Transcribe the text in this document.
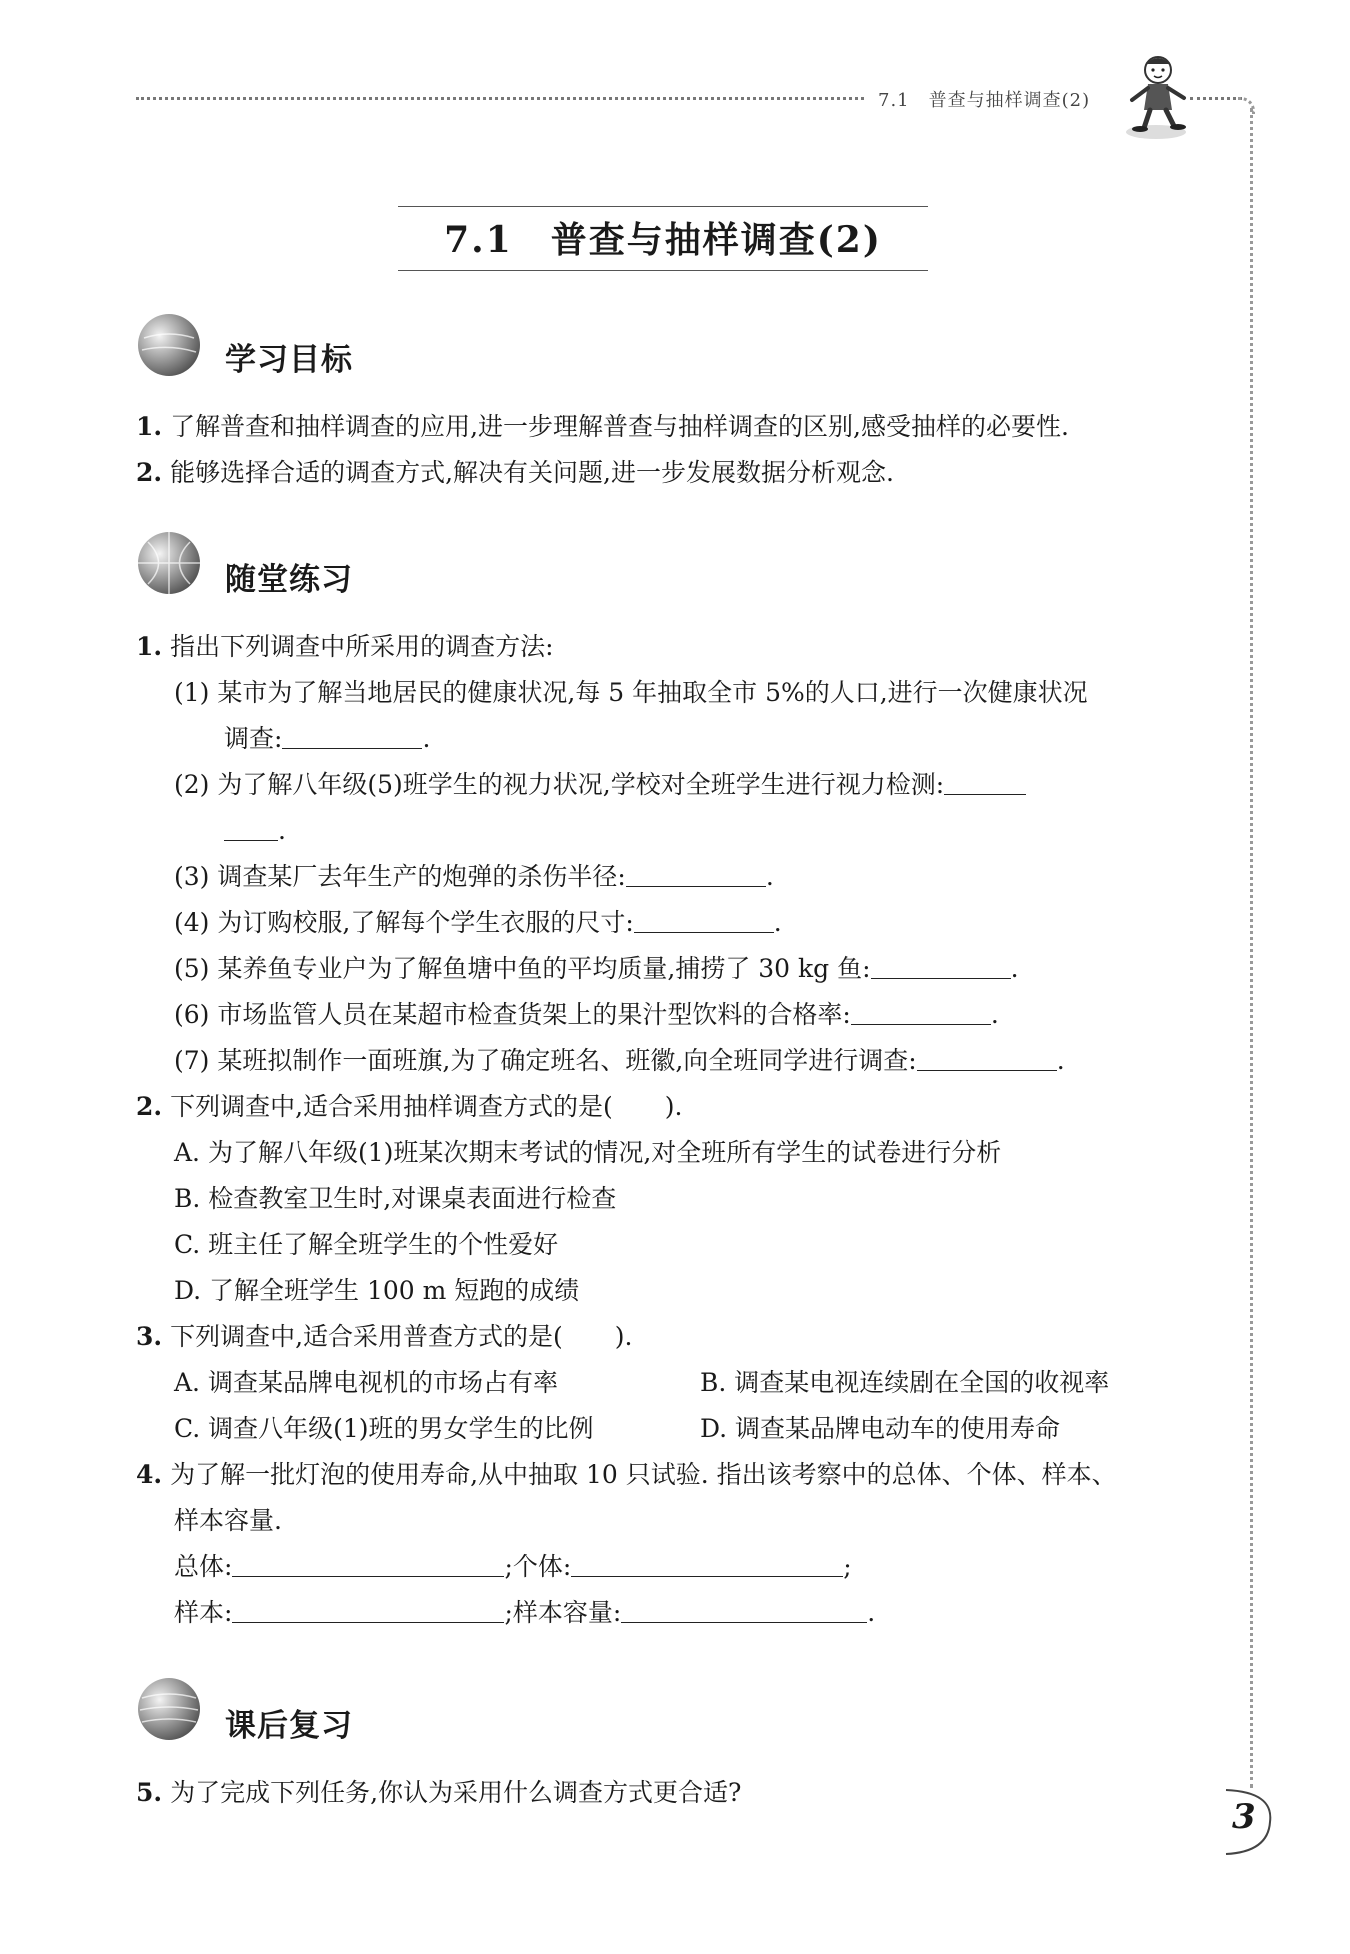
7.1　普查与抽样调查(2)
7.1　普查与抽样调查(2)
学习目标
1. 了解普查和抽样调查的应用,进一步理解普查与抽样调查的区别,感受抽样的必要性.
2. 能够选择合适的调查方式,解决有关问题,进一步发展数据分析观念.
随堂练习
1. 指出下列调查中所采用的调查方法:
(1) 某市为了解当地居民的健康状况,每 5 年抽取全市 5%的人口,进行一次健康状况
调查:	.
(2) 为了解八年级(5)班学生的视力状况,学校对全班学生进行视力检测:
.
(3) 调查某厂去年生产的炮弹的杀伤半径:	.
(4) 为订购校服,了解每个学生衣服的尺寸:	.
(5) 某养鱼专业户为了解鱼塘中鱼的平均质量,捕捞了 30 kg 鱼:	.
(6) 市场监管人员在某超市检查货架上的果汁型饮料的合格率:	.
(7) 某班拟制作一面班旗,为了确定班名、班徽,向全班同学进行调查:	.
2. 下列调查中,适合采用抽样调查方式的是( ).
A. 为了解八年级(1)班某次期末考试的情况,对全班所有学生的试卷进行分析
B. 检查教室卫生时,对课桌表面进行检查
C. 班主任了解全班学生的个性爱好
D. 了解全班学生 100 m 短跑的成绩
3. 下列调查中,适合采用普查方式的是( ).
A. 调查某品牌电视机的市场占有率	B. 调查某电视连续剧在全国的收视率
C. 调查八年级(1)班的男女学生的比例	D. 调查某品牌电动车的使用寿命
4. 为了解一批灯泡的使用寿命,从中抽取 10 只试验. 指出该考察中的总体、个体、样本、
样本容量.
总体:	;个体:	;
样本:	;样本容量:	.
课后复习
5. 为了完成下列任务,你认为采用什么调查方式更合适?
3
